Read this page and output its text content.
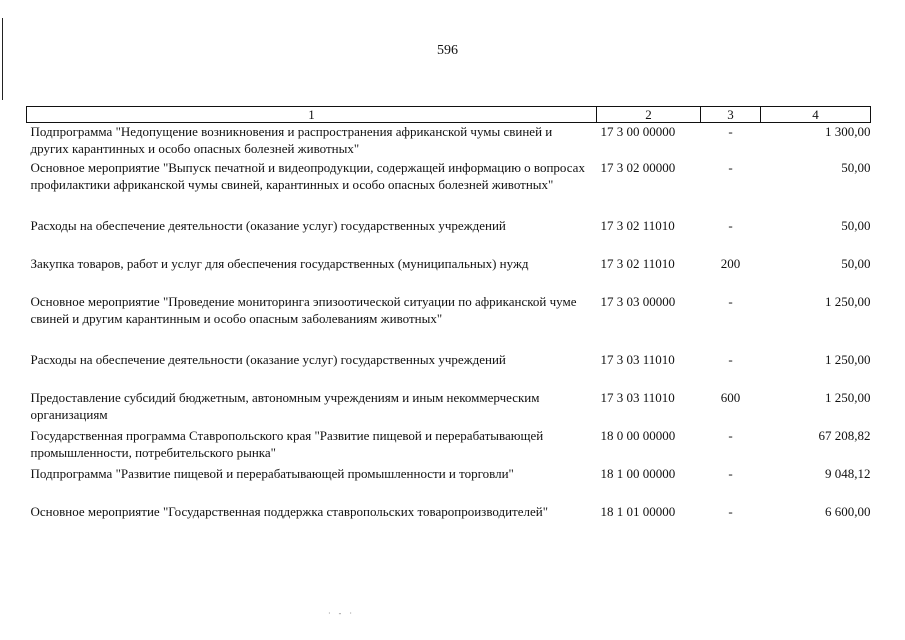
596
1	2	3	4
Подпрограмма "Недопущение возникновения и распространения африканской чумы свиней и других карантинных и особо опасных болезней животных"	17 3 00 00000	-	1 300,00
Основное мероприятие "Выпуск печатной и видеопродукции, содержащей информацию о вопросах профилактики африканской чумы свиней, карантинных и особо опасных болезней животных"	17 3 02 00000	-	50,00
Расходы на обеспечение деятельности (оказание услуг) государственных учреждений	17 3 02 11010	-	50,00
Закупка товаров, работ и услуг для обеспечения государственных (муниципальных) нужд	17 3 02 11010	200	50,00
Основное мероприятие "Проведение мониторинга эпизоотической ситуации по африканской чуме свиней и другим карантинным и особо опасным заболеваниям животных"	17 3 03 00000	-	1 250,00
Расходы на обеспечение деятельности (оказание услуг) государственных учреждений	17 3 03 11010	-	1 250,00
Предоставление субсидий бюджетным, автономным учреждениям и иным некоммерческим организациям	17 3 03 11010	600	1 250,00
Государственная программа Ставропольского края "Развитие пищевой и перерабатывающей промышленности, потребительского рынка"	18 0 00 00000	-	67 208,82
Подпрограмма "Развитие пищевой и перерабатывающей промышленности и торговли"	18 1 00 00000	-	9 048,12
Основное мероприятие "Государственная поддержка ставропольских товаропроизводителей"	18 1 01 00000	-	6 600,00
· - ·
